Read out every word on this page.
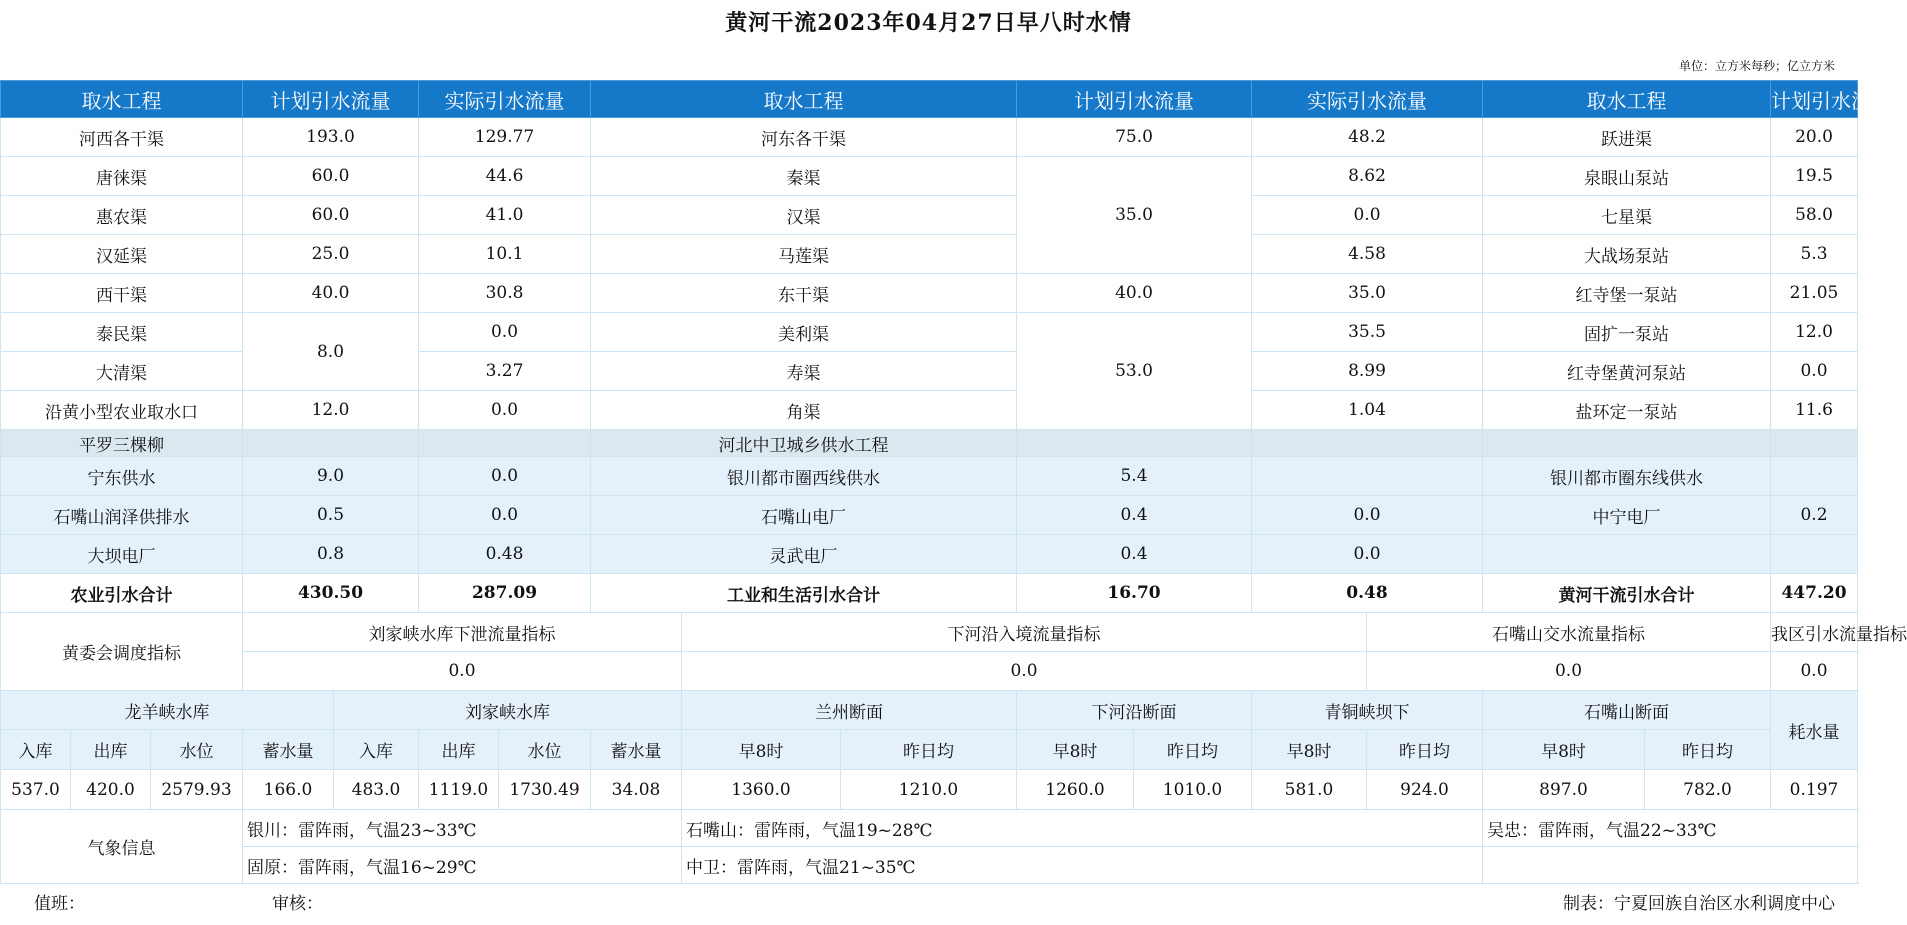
黄河干流2023年04月27日早八时水情
单位：立方米每秒；亿立方米
取水工程			计划引水流量		实际引水流量		取水工程			计划引水流量		实际引水流量		取水工程		计划引水流量	
河西各干渠			193.0		129.77		河东各干渠			75.0		48.2		跃进渠		20.0	
唐徕渠			60.0		44.6		秦渠			35.0		8.62		泉眼山泵站		19.5	
惠农渠			60.0		41.0		汉渠					0.0		七星渠		58.0	
汉延渠			25.0		10.1		马莲渠					4.58		大战场泵站		5.3	
西干渠			40.0		30.8		东干渠			40.0		35.0		红寺堡一泵站		21.05	
泰民渠			8.0		0.0		美利渠			53.0		35.5		固扩一泵站		12.0	
大清渠					3.27		寿渠					8.99		红寺堡黄河泵站		0.0	
沿黄小型农业取水口			12.0		0.0		角渠					1.04		盐环定一泵站		11.6	
平罗三棵柳							河北中卫城乡供水工程										
宁东供水			9.0		0.0		银川都市圈西线供水			5.4				银川都市圈东线供水			
石嘴山润泽供排水			0.5		0.0		石嘴山电厂			0.4		0.0		中宁电厂		0.2	
大坝电厂			0.8		0.48		灵武电厂			0.4		0.0					
农业引水合计			430.50		287.09		工业和生活引水合计			16.70		0.48		黄河干流引水合计		447.20	
黄委会调度指标			刘家峡水库下泄流量指标					下河沿入境流量指标					石嘴山交水流量指标			我区引水流量指标	
			0.0					0.0					0.0			0.0	
龙羊峡水库				刘家峡水库				兰州断面		下河沿断面		青铜峡坝下		石嘴山断面		耗水量	
入库	出库	水位	蓄水量	入库	出库	水位	蓄水量	早8时	昨日均	早8时	昨日均	早8时	昨日均	早8时	昨日均		
537.0	420.0	2579.93	166.0	483.0	1119.0	1730.49	34.08	1360.0	1210.0	1260.0	1010.0	581.0	924.0	897.0	782.0	0.197	
气象信息			银川：雷阵雨，气温23~33℃					石嘴山：雷阵雨，气温19~28℃						吴忠：雷阵雨，气温22~33℃			
			固原：雷阵雨，气温16~29℃					中卫：雷阵雨，气温21~35℃									
值班：	审核：	制表：宁夏回族自治区水利调度中心
